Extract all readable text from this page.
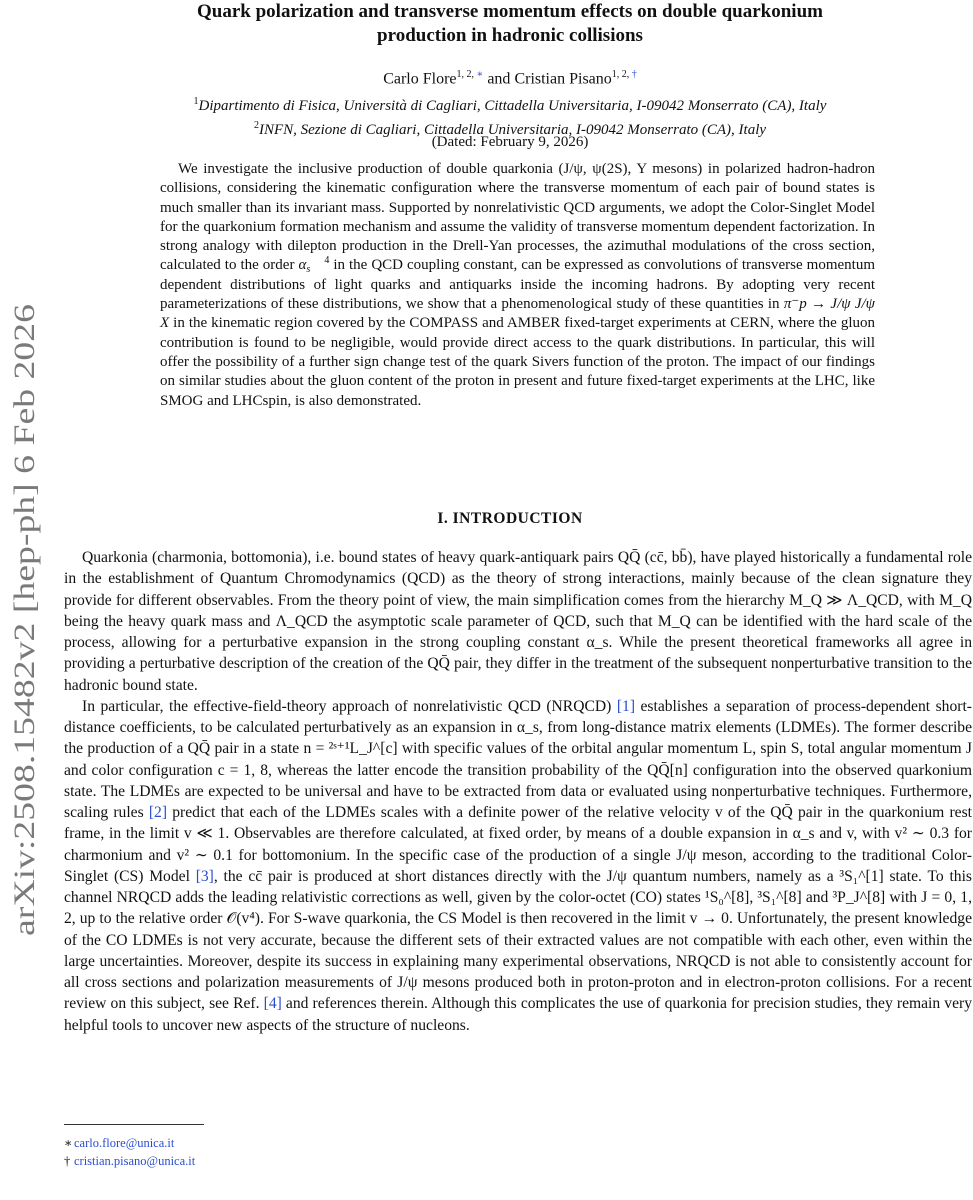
arXiv:2508.15482v2 [hep-ph] 6 Feb 2026
Quark polarization and transverse momentum effects on double quarkonium
production in hadronic collisions
Carlo Flore$^{1, 2, ∗}$ and Cristian Pisano$^{1, 2, \dagger}$
$^1$Dipartimento di Fisica, Università di Cagliari, Cittadella Universitaria, I-09042 Monserrato (CA), Italy
$^2$INFN, Sezione di Cagliari, Cittadella Universitaria, I-09042 Monserrato (CA), Italy
(Dated: February 9, 2026)

We investigate the inclusive production of double quarkonia (J/ψ, ψ(2S), Υ mesons) in polarized hadron-hadron collisions, considering the kinematic configuration where the transverse momentum of each pair of bound states is much smaller than its invariant mass. Supported by nonrelativistic QCD arguments, we adopt the Color-Singlet Model for the quarkonium formation mechanism and assume the validity of transverse momentum dependent factorization. In strong analogy with dilepton production in the Drell-Yan processes, the azimuthal modulations of the cross section, calculated to the order α 4
s in the QCD coupling constant, can be expressed as convolutions of transverse momentum dependent distributions of light quarks and antiquarks inside the incoming hadrons. By adopting very recent parameterizations of these distributions, we show that a phenomenological study of these quantities in π⁻p → J/ψ J/ψ X in the kinematic region covered by the COMPASS and AMBER fixed-target experiments at CERN, where the gluon contribution is found to be negligible, would provide direct access to the quark distributions. In particular, this will offer the possibility of a further sign change test of the quark Sivers function of the proton. The impact of our findings on similar studies about the gluon content of the proton in present and future fixed-target experiments at the LHC, like SMOG and LHCspin, is also demonstrated.

I. INTRODUCTION

Quarkonia (charmonia, bottomonia), i.e. bound states of heavy quark-antiquark pairs QQ̄ (cc̄, bb̄), have played historically a fundamental role in the establishment of Quantum Chromodynamics (QCD) as the theory of strong interactions, mainly because of the clean signature they provide for different observables. From the theory point of view, the main simplification comes from the hierarchy M_Q ≫ Λ_QCD, with M_Q being the heavy quark mass and Λ_QCD the asymptotic scale parameter of QCD, such that M_Q can be identified with the hard scale of the process, allowing for a perturbative expansion in the strong coupling constant α_s. While the present theoretical frameworks all agree in providing a perturbative description of the creation of the QQ̄ pair, they differ in the treatment of the subsequent nonperturbative transition to the hadronic bound state.

In particular, the effective-field-theory approach of nonrelativistic QCD (NRQCD) [1] establishes a separation of process-dependent short-distance coefficients, to be calculated perturbatively as an expansion in α_s, from long-distance matrix elements (LDMEs). The former describe the production of a QQ̄ pair in a state n = ²ˢ⁺¹L_J^[c] with specific values of the orbital angular momentum L, spin S, total angular momentum J and color configuration c = 1, 8, whereas the latter encode the transition probability of the QQ̄[n] configuration into the observed quarkonium state. The LDMEs are expected to be universal and have to be extracted from data or evaluated using nonperturbative techniques. Furthermore, scaling rules [2] predict that each of the LDMEs scales with a definite power of the relative velocity v of the QQ̄ pair in the quarkonium rest frame, in the limit v ≪ 1. Observables are therefore calculated, at fixed order, by means of a double expansion in α_s and v, with v² ∼ 0.3 for charmonium and v² ∼ 0.1 for bottomonium. In the specific case of the production of a single J/ψ meson, according to the traditional Color-Singlet (CS) Model [3], the cc̄ pair is produced at short distances directly with the J/ψ quantum numbers, namely as a ³S₁^[1] state. To this channel NRQCD adds the leading relativistic corrections as well, given by the color-octet (CO) states ¹S₀^[8], ³S₁^[8] and ³P_J^[8] with J = 0, 1, 2, up to the relative order 𝒪(v⁴). For S-wave quarkonia, the CS Model is then recovered in the limit v → 0. Unfortunately, the present knowledge of the CO LDMEs is not very accurate, because the different sets of their extracted values are not compatible with each other, even within the large uncertainties. Moreover, despite its success in explaining many experimental observations, NRQCD is not able to consistently account for all cross sections and polarization measurements of J/ψ mesons produced both in proton-proton and in electron-proton collisions. For a recent review on this subject, see Ref. [4] and references therein. Although this complicates the use of quarkonia for precision studies, they remain very helpful tools to uncover new aspects of the structure of nucleons.

∗ carlo.flore@unica.it
† cristian.pisano@unica.it
